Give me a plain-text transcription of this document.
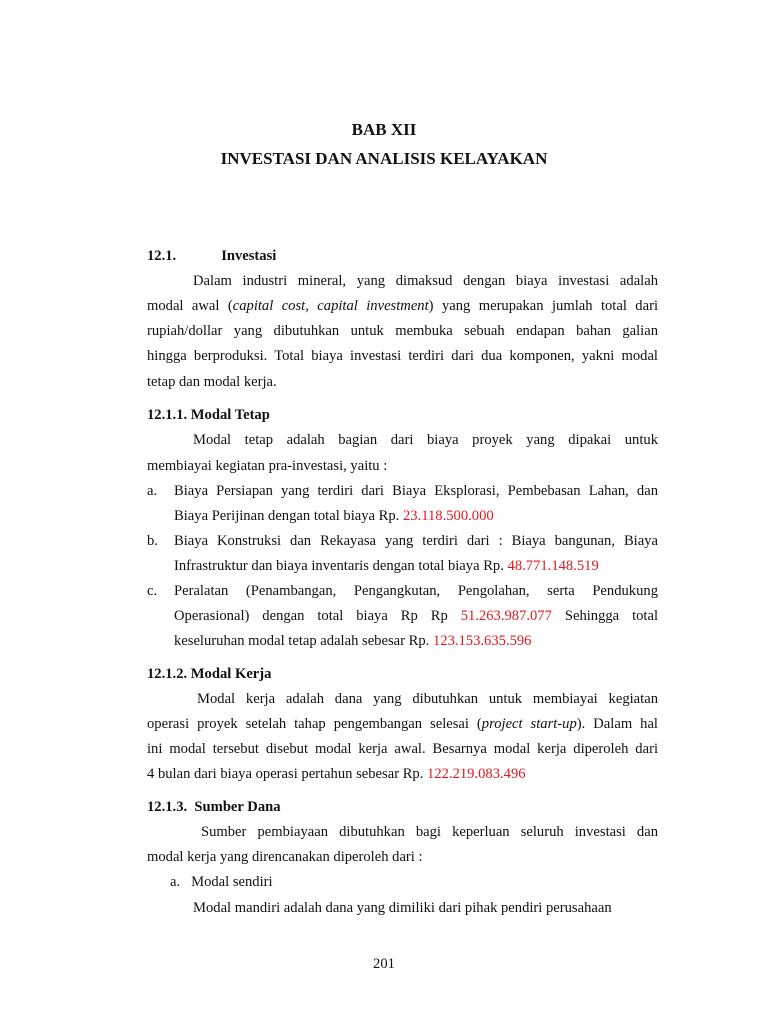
BAB XII
INVESTASI DAN ANALISIS KELAYAKAN
12.1.	Investasi
Dalam industri mineral, yang dimaksud dengan biaya investasi adalah
modal awal (capital cost, capital investment) yang merupakan jumlah total dari
rupiah/dollar yang dibutuhkan untuk membuka sebuah endapan bahan galian
hingga berproduksi. Total biaya investasi terdiri dari dua komponen, yakni modal
tetap dan modal kerja.
12.1.1. Modal Tetap
Modal tetap adalah bagian dari biaya proyek yang dipakai untuk
membiayai kegiatan pra-investasi, yaitu :
a. Biaya Persiapan yang terdiri dari Biaya Eksplorasi, Pembebasan Lahan, dan
Biaya Perijinan dengan total biaya Rp. 23.118.500.000
b. Biaya Konstruksi dan Rekayasa yang terdiri dari : Biaya bangunan, Biaya
Infrastruktur dan biaya inventaris dengan total biaya Rp. 48.771.148.519
c. Peralatan (Penambangan, Pengangkutan, Pengolahan, serta Pendukung
Operasional) dengan total biaya Rp Rp 51.263.987.077 Sehingga total
keseluruhan modal tetap adalah sebesar Rp. 123.153.635.596
12.1.2. Modal Kerja
Modal kerja adalah dana yang dibutuhkan untuk membiayai kegiatan
operasi proyek setelah tahap pengembangan selesai (project start-up). Dalam hal
ini modal tersebut disebut modal kerja awal. Besarnya modal kerja diperoleh dari
4 bulan dari biaya operasi pertahun sebesar Rp. 122.219.083.496
12.1.3.  Sumber Dana
Sumber pembiayaan dibutuhkan bagi keperluan seluruh investasi dan
modal kerja yang direncanakan diperoleh dari :
a. Modal sendiri
Modal mandiri adalah dana yang dimiliki dari pihak pendiri perusahaan
201
